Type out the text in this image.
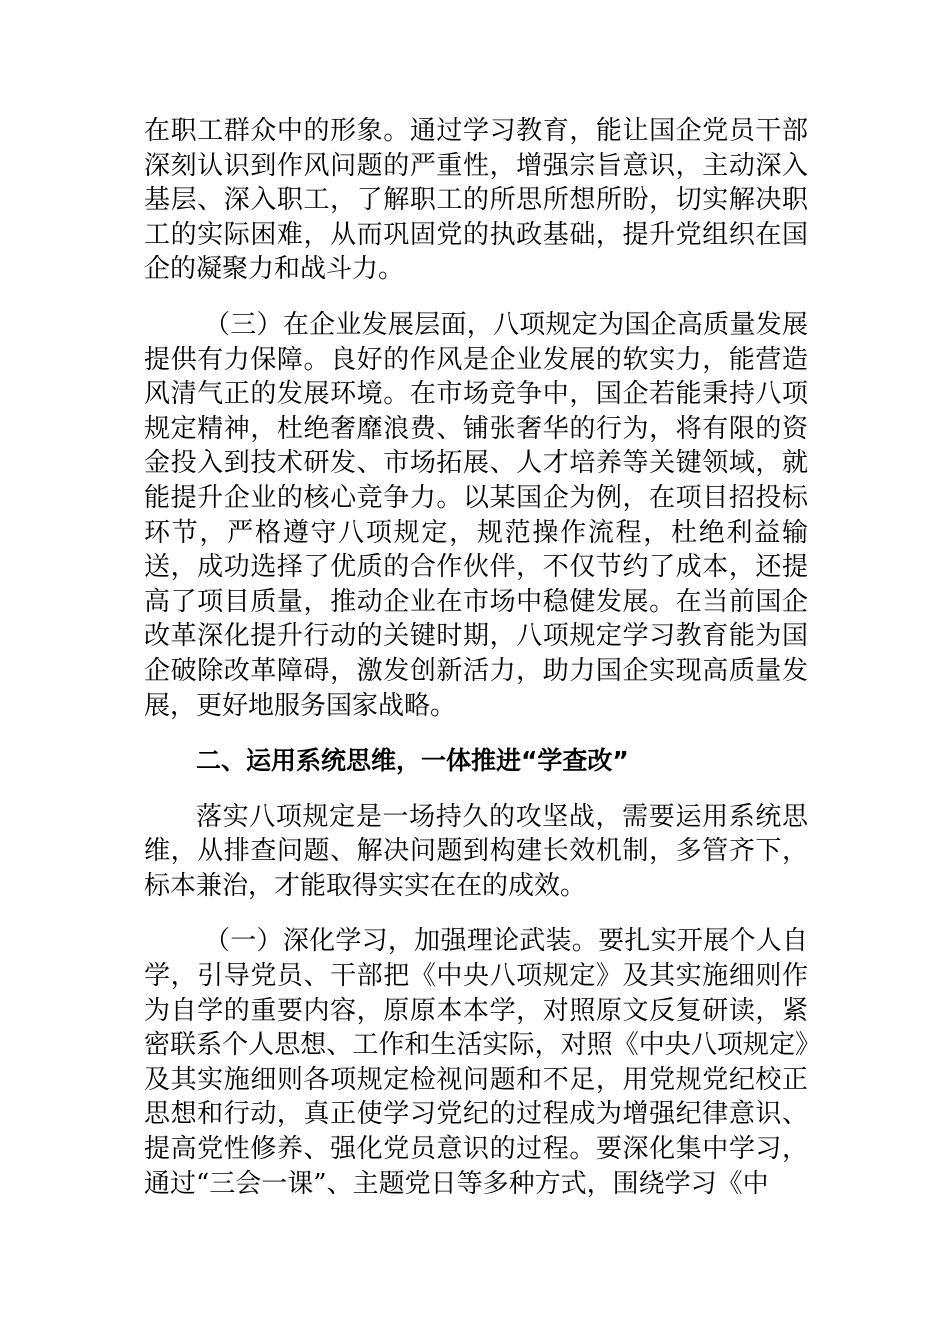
在职工群众中的形象。通过学习教育，能让国企党员干部深刻认识到作风问题的严重性，增强宗旨意识，主动深入基层、深入职工，了解职工的所思所想所盼，切实解决职工的实际困难，从而巩固党的执政基础，提升党组织在国企的凝聚力和战斗力。

（三）在企业发展层面，八项规定为国企高质量发展提供有力保障。良好的作风是企业发展的软实力，能营造风清气正的发展环境。在市场竞争中，国企若能秉持八项规定精神，杜绝奢靡浪费、铺张奢华的行为，将有限的资金投入到技术研发、市场拓展、人才培养等关键领域，就能提升企业的核心竞争力。以某国企为例，在项目招投标环节，严格遵守八项规定，规范操作流程，杜绝利益输送，成功选择了优质的合作伙伴，不仅节约了成本，还提高了项目质量，推动企业在市场中稳健发展。在当前国企改革深化提升行动的关键时期，八项规定学习教育能为国企破除改革障碍，激发创新活力，助力国企实现高质量发展，更好地服务国家战略。

二、运用系统思维，一体推进“学查改”

落实八项规定是一场持久的攻坚战，需要运用系统思维，从排查问题、解决问题到构建长效机制，多管齐下，标本兼治，才能取得实实在在的成效。

（一）深化学习，加强理论武装。要扎实开展个人自学，引导党员、干部把《中央八项规定》及其实施细则作为自学的重要内容，原原本本学，对照原文反复研读，紧密联系个人思想、工作和生活实际，对照《中央八项规定》及其实施细则各项规定检视问题和不足，用党规党纪校正思想和行动，真正使学习党纪的过程成为增强纪律意识、提高党性修养、强化党员意识的过程。要深化集中学习，通过“三会一课”、主题党日等多种方式，围绕学习《中
